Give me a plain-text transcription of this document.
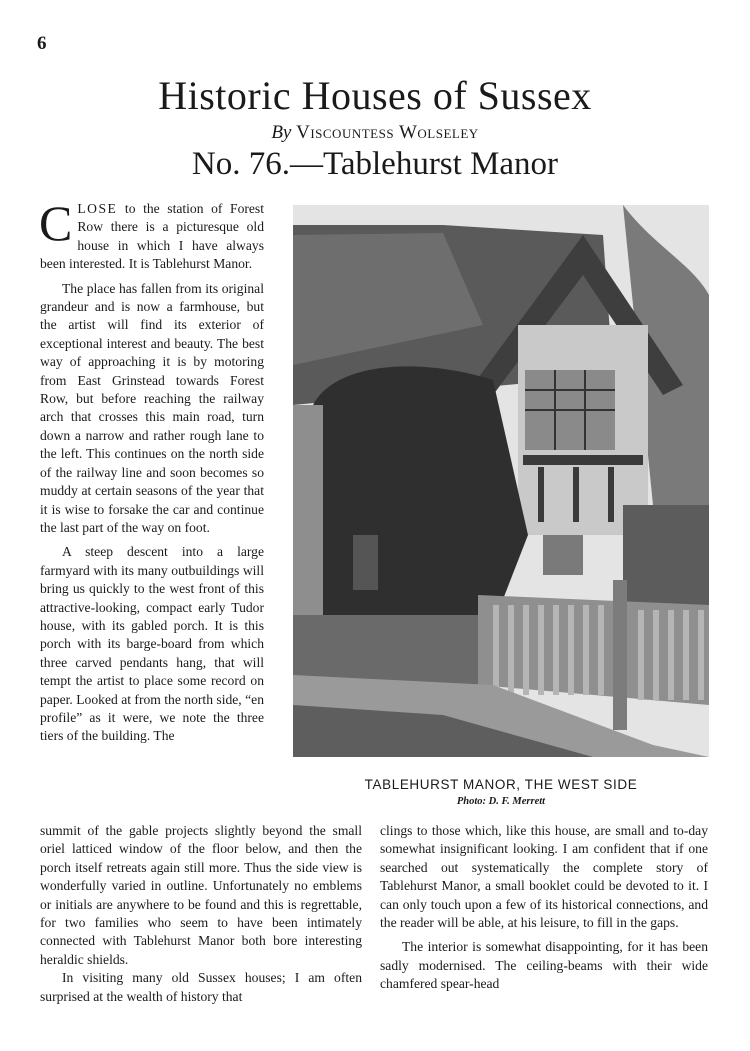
6
Historic Houses of Sussex
By Viscountess Wolseley
No. 76.—Tablehurst Manor

CLOSE to the station of Forest Row there is a picturesque old house in which I have always been interested. It is Tablehurst Manor.

The place has fallen from its original grandeur and is now a farmhouse, but the artist will find its exterior of exceptional interest and beauty. The best way of approaching it is by motoring from East Grinstead towards Forest Row, but before reaching the railway arch that crosses this main road, turn down a narrow and rather rough lane to the left. This continues on the north side of the railway line and soon becomes so muddy at certain seasons of the year that it is wise to forsake the car and continue the last part of the way on foot.

A steep descent into a large farmyard with its many outbuildings will bring us quickly to the west front of this attractive-looking, compact early Tudor house, with its gabled porch. It is this porch with its barge-board from which three carved pendants hang, that will tempt the artist to place some record on paper. Looked at from the north side, “en profile” as it were, we note the three tiers of the building. The

TABLEHURST MANOR, THE WEST SIDE
Photo: D. F. Merrett

summit of the gable projects slightly beyond the small oriel latticed window of the floor below, and then the porch itself retreats again still more. Thus the side view is wonderfully varied in outline. Unfortunately no emblems or initials are anywhere to be found and this is regrettable, for two families who seem to have been intimately connected with Tablehurst Manor both bore interesting heraldic shields.

In visiting many old Sussex houses; I am often surprised at the wealth of history that

clings to those which, like this house, are small and to-day somewhat insignificant looking. I am confident that if one searched out systematically the complete story of Tablehurst Manor, a small booklet could be devoted to it. I can only touch upon a few of its historical connections, and the reader will be able, at his leisure, to fill in the gaps.

The interior is somewhat disappointing, for it has been sadly modernised. The ceiling-beams with their wide chamfered spear-head
